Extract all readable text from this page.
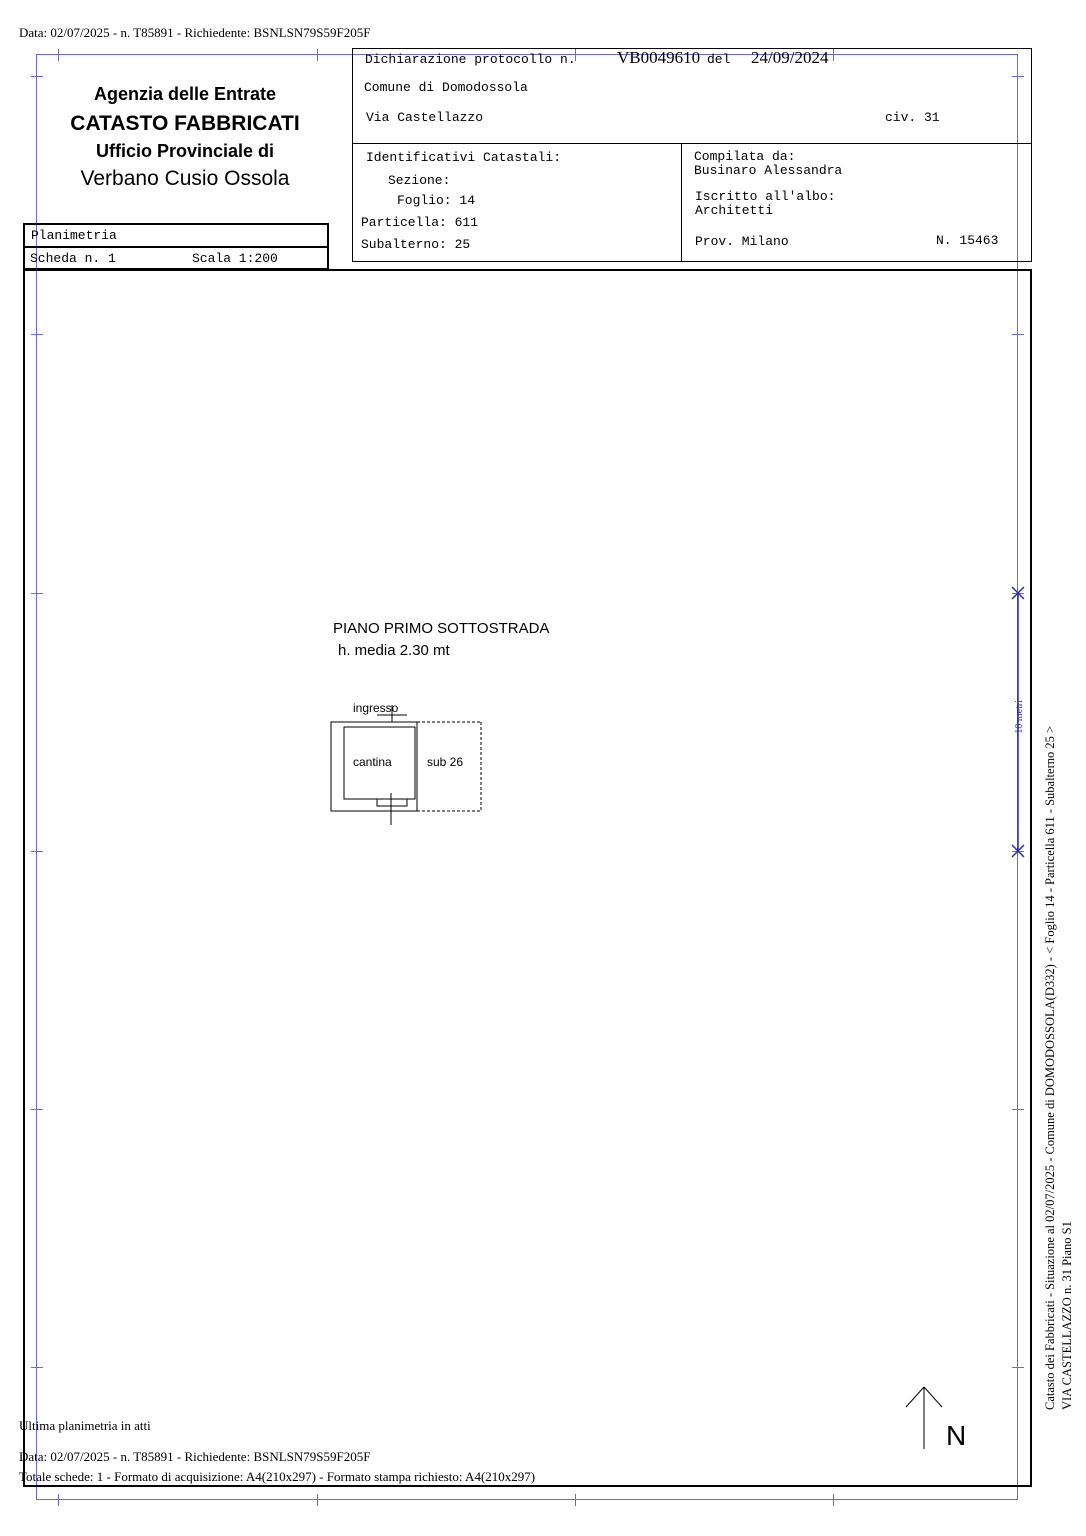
Data: 02/07/2025 - n. T85891 - Richiedente: BSNLSN79S59F205F
Agenzia delle Entrate
CATASTO FABBRICATI
Ufficio Provinciale di
Verbano Cusio Ossola
Planimetria
Scheda n. 1	Scala 1:200
Dichiarazione protocollo n. VB0049610 del 24/09/2024
Comune di Domodossola
Via Castellazzo	civ. 31
Identificativi Catastali:
Sezione:
Foglio: 14
Particella: 611
Subalterno: 25
Compilata da:
Businaro Alessandra
Iscritto all'albo:
Architetti
Prov. Milano	N. 15463
PIANO PRIMO SOTTOSTRADA
h. media 2.30 mt
ingresso
cantina	sub 26
10 metri
N
Catasto dei Fabbricati - Situazione al 02/07/2025 - Comune di DOMODOSSOLA(D332) - < Foglio 14 - Particella 611 - Subalterno 25 > VIA CASTELLAZZO n. 31 Piano S1
Ultima planimetria in atti
Data: 02/07/2025 - n. T85891 - Richiedente: BSNLSN79S59F205F
Totale schede: 1 - Formato di acquisizione: A4(210x297) - Formato stampa richiesto: A4(210x297)
